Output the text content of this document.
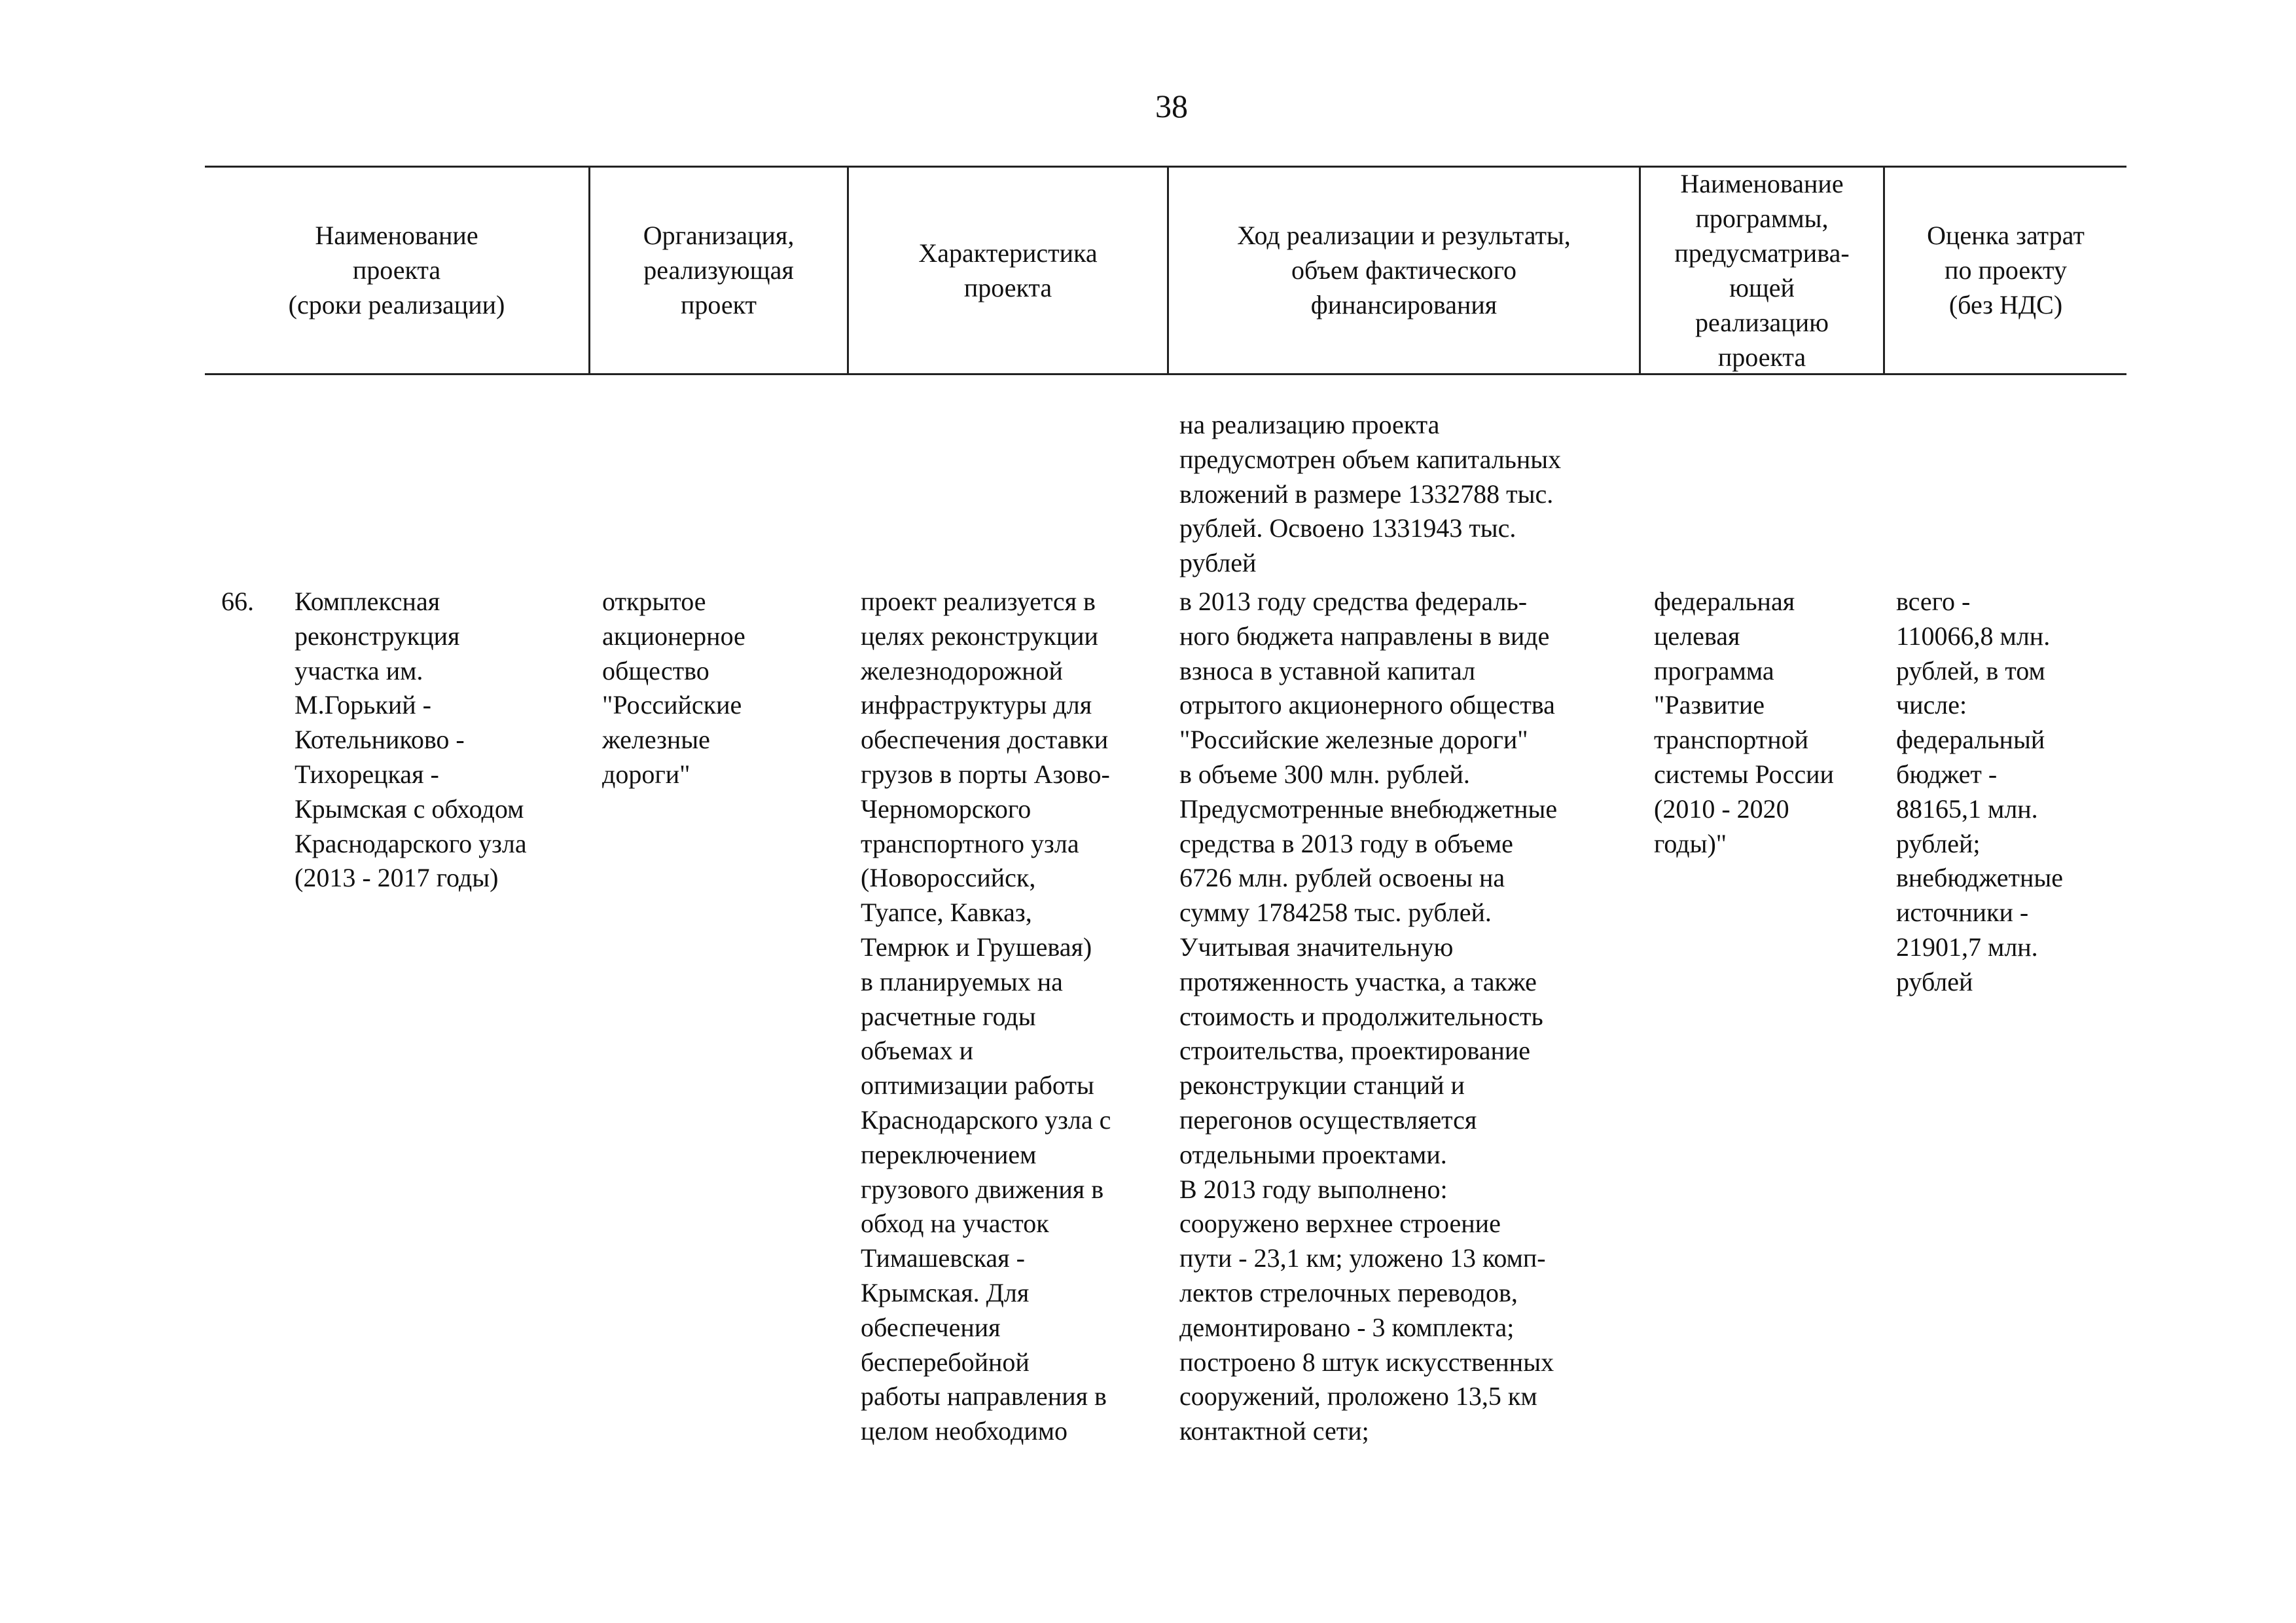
38
Наименование
проекта
(сроки реализации)
Организация,
реализующая
проект
Характеристика
проекта
Ход реализации и результаты,
объем фактического
финансирования
Наименование
программы,
предусматрива-
ющей
реализацию
проекта
Оценка затрат
по проекту
(без НДС)
на реализацию проекта
предусмотрен объем капитальных
вложений в размере 1332788 тыс.
рублей. Освоено 1331943 тыс.
рублей
66.	Комплексная
реконструкция
участка им.
М.Горький -
Котельниково -
Тихорецкая -
Крымская с обходом
Краснодарского узла
(2013 - 2017 годы)
открытое
акционерное
общество
"Российские
железные
дороги"
проект реализуется в
целях реконструкции
железнодорожной
инфраструктуры для
обеспечения доставки
грузов в порты Азово-
Черноморского
транспортного узла
(Новороссийск,
Туапсе, Кавказ,
Темрюк и Грушевая)
в планируемых на
расчетные годы
объемах и
оптимизации работы
Краснодарского узла с
переключением
грузового движения в
обход на участок
Тимашевская -
Крымская. Для
обеспечения
бесперебойной
работы направления в
целом необходимо
в 2013 году средства федераль-
ного бюджета направлены в виде
взноса в уставной капитал
отрытого акционерного общества
"Российские железные дороги"
в объеме 300 млн. рублей.
Предусмотренные внебюджетные
средства в 2013 году в объеме
6726 млн. рублей освоены на
сумму 1784258 тыс. рублей.
Учитывая значительную
протяженность участка, а также
стоимость и продолжительность
строительства, проектирование
реконструкции станций и
перегонов осуществляется
отдельными проектами.
В 2013 году выполнено:
сооружено верхнее строение
пути - 23,1 км; уложено 13 комп-
лектов стрелочных переводов,
демонтировано - 3 комплекта;
построено 8 штук искусственных
сооружений, проложено 13,5 км
контактной сети;
федеральная
целевая
программа
"Развитие
транспортной
системы России
(2010 - 2020
годы)"
всего -
110066,8 млн.
рублей, в том
числе:
федеральный
бюджет -
88165,1 млн.
рублей;
внебюджетные
источники -
21901,7 млн.
рублей
